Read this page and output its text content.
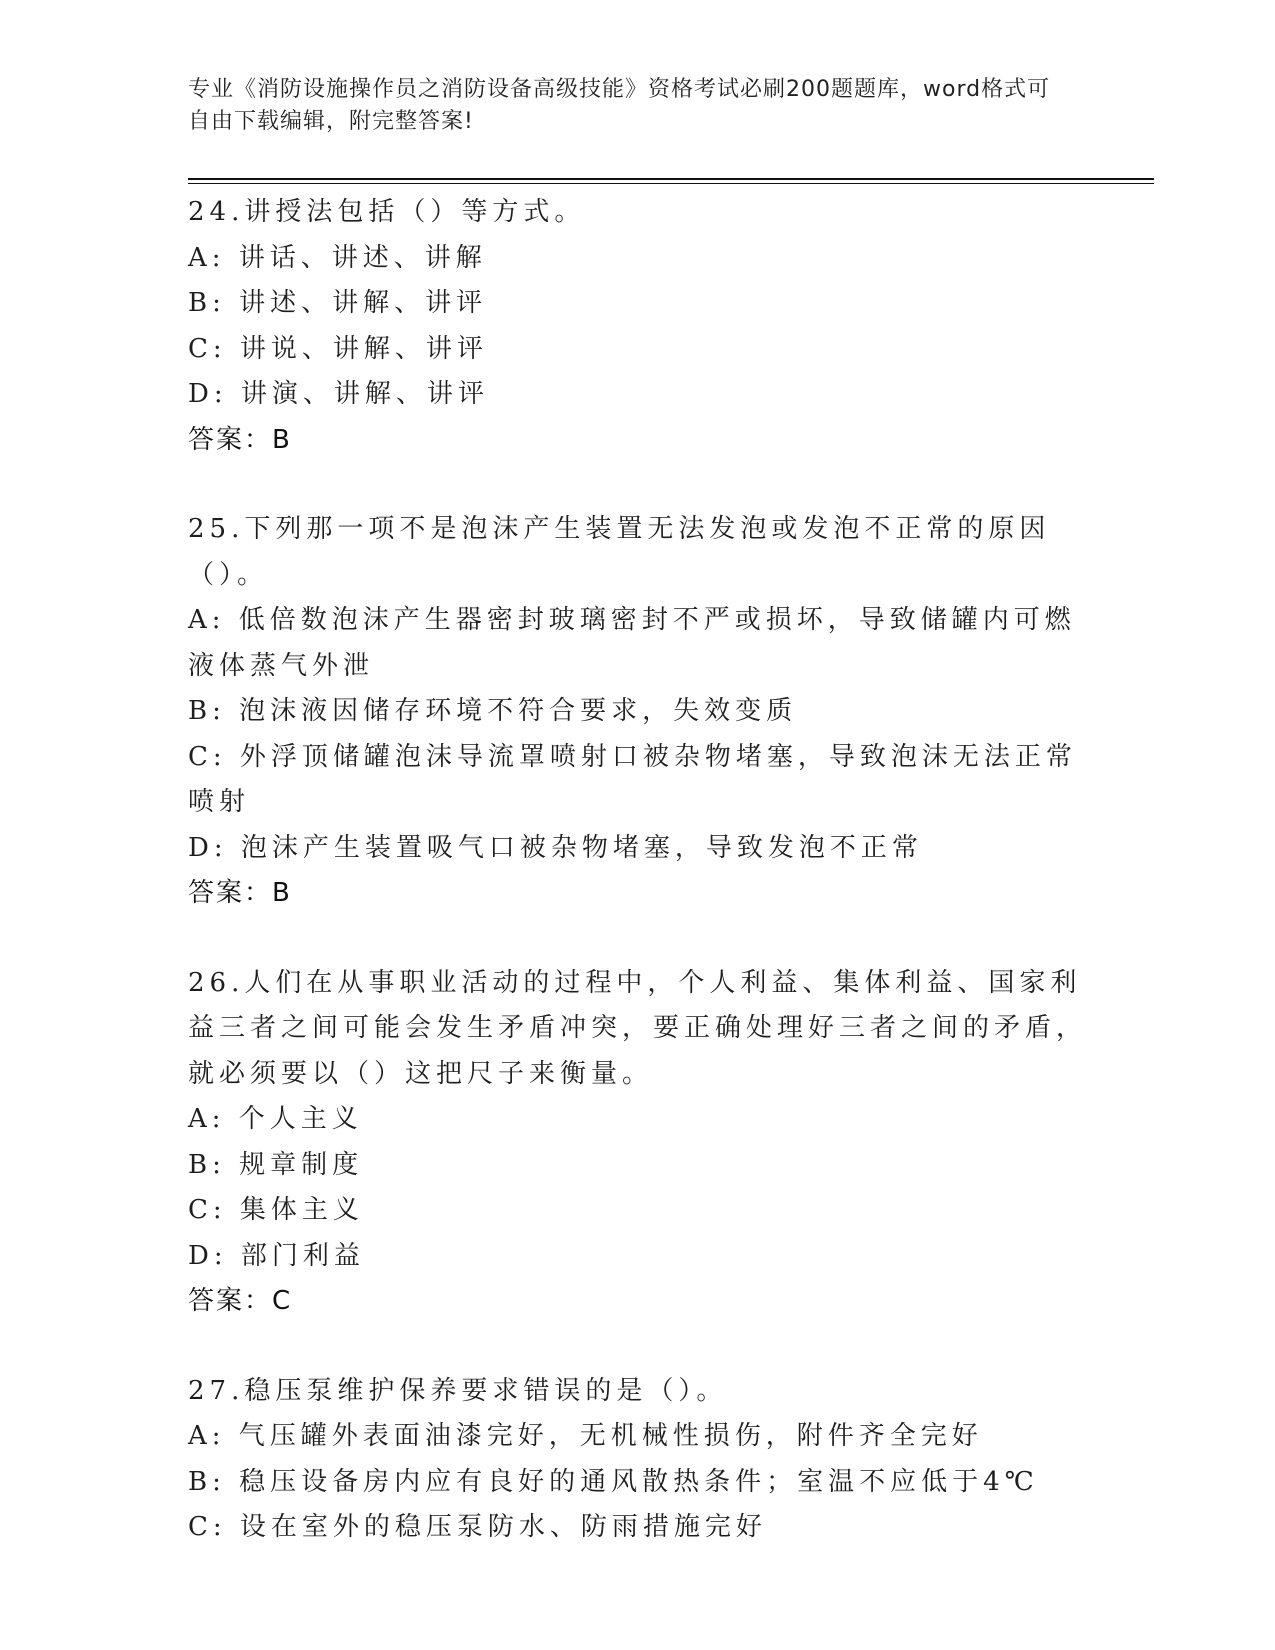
专业《消防设施操作员之消防设备高级技能》资格考试必刷200题题库，word格式可自由下载编辑，附完整答案!
24.讲授法包括（）等方式。
A: 讲话、讲述、讲解
B: 讲述、讲解、讲评
C: 讲说、讲解、讲评
D: 讲演、讲解、讲评
答案：B
25.下列那一项不是泡沫产生装置无法发泡或发泡不正常的原因（）。
A: 低倍数泡沫产生器密封玻璃密封不严或损坏，导致储罐内可燃液体蒸气外泄
B: 泡沫液因储存环境不符合要求，失效变质
C: 外浮顶储罐泡沫导流罩喷射口被杂物堵塞，导致泡沫无法正常喷射
D: 泡沫产生装置吸气口被杂物堵塞，导致发泡不正常
答案：B
26.人们在从事职业活动的过程中，个人利益、集体利益、国家利益三者之间可能会发生矛盾冲突，要正确处理好三者之间的矛盾，就必须要以（）这把尺子来衡量。
A: 个人主义
B: 规章制度
C: 集体主义
D: 部门利益
答案：C
27.稳压泵维护保养要求错误的是（）。
A: 气压罐外表面油漆完好，无机械性损伤，附件齐全完好
B: 稳压设备房内应有良好的通风散热条件；室温不应低于4℃
C: 设在室外的稳压泵防水、防雨措施完好
